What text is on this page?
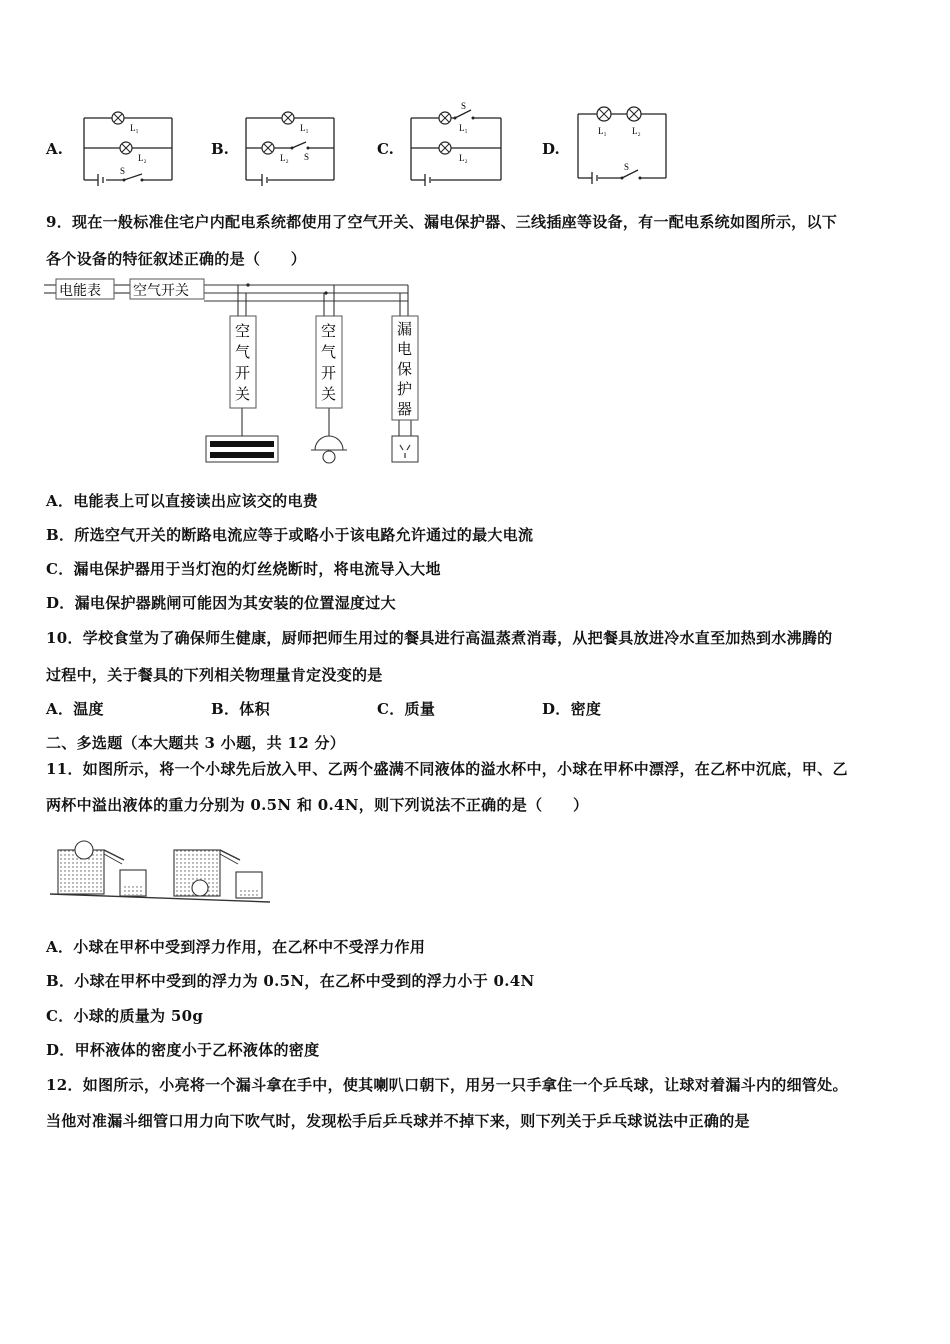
A.
L₁
L₂
S
B.
L₁
L₂ S	C.
S
L₁
L₂	D.
L₁	L₂
S
9．现在一般标准住宅户内配电系统都使用了空气开关、漏电保护器、三线插座等设备，有一配电系统如图所示，以下
各个设备的特征叙述正确的是（　　）
电能表 空气开关
空
气
开
关
空
气
开
关
漏
电
保
护
器
A．电能表上可以直接读出应该交的电费
B．所选空气开关的断路电流应等于或略小于该电路允许通过的最大电流
C．漏电保护器用于当灯泡的灯丝烧断时，将电流导入大地
D．漏电保护器跳闸可能因为其安装的位置湿度过大
10．学校食堂为了确保师生健康，厨师把师生用过的餐具进行高温蒸煮消毒，从把餐具放进冷水直至加热到水沸腾的
过程中，关于餐具的下列相关物理量肯定没变的是
A．温度	B．体积	C．质量	D．密度
二、多选题（本大题共 3 小题，共 12 分）
11．如图所示，将一个小球先后放入甲、乙两个盛满不同液体的溢水杯中，小球在甲杯中漂浮，在乙杯中沉底，甲、乙
两杯中溢出液体的重力分别为 0.5N 和 0.4N，则下列说法不正确的是（　　）
A．小球在甲杯中受到浮力作用，在乙杯中不受浮力作用
B．小球在甲杯中受到的浮力为 0.5N，在乙杯中受到的浮力小于 0.4N
C．小球的质量为 50g
D．甲杯液体的密度小于乙杯液体的密度
12．如图所示，小亮将一个漏斗拿在手中，使其喇叭口朝下，用另一只手拿住一个乒乓球，让球对着漏斗内的细管处。
当他对准漏斗细管口用力向下吹气时，发现松手后乒乓球并不掉下来，则下列关于乒乓球说法中正确的是
